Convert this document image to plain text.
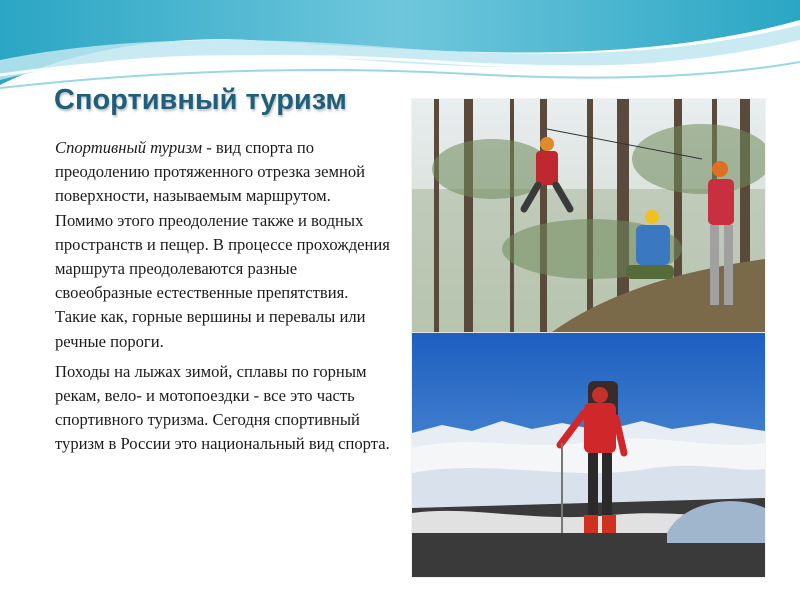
Спортивный туризм

Спортивный туризм - вид спорта по преодолению протяженного отрезка земной поверхности, называемым маршрутом. Помимо этого преодоление также и водных пространств и пещер. В процессе прохождения маршрута преодолеваются разные своеобразные естественные препятствия. Такие как, горные вершины и перевалы или речные пороги.

Походы на лыжах зимой, сплавы по горным рекам, вело- и мотопоездки - все это часть спортивного туризма. Сегодня спортивный туризм в России это национальный вид спорта.
